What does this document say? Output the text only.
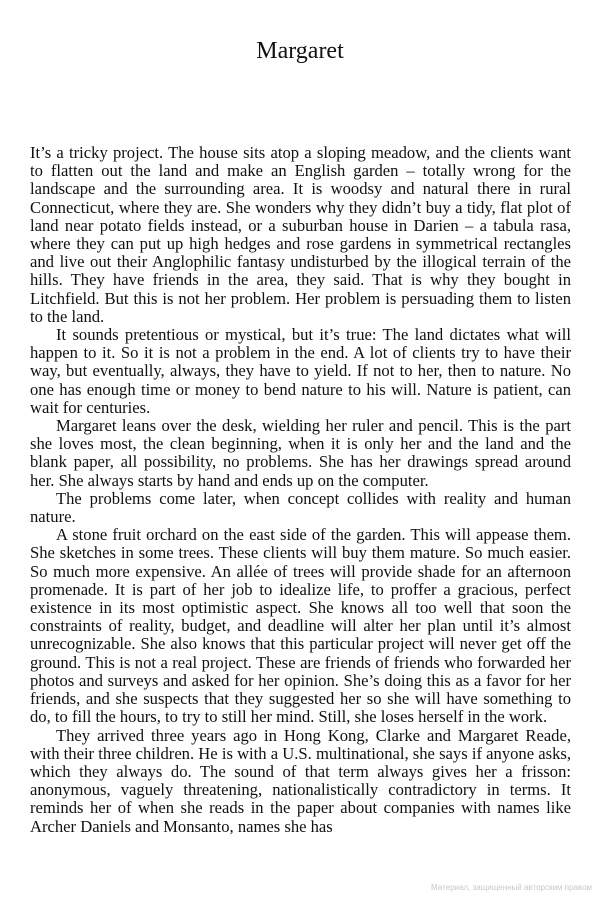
Margaret

It’s a tricky project. The house sits atop a sloping meadow, and the clients want to flatten out the land and make an English garden – totally wrong for the landscape and the surrounding area. It is woodsy and natural there in rural Connecticut, where they are. She wonders why they didn’t buy a tidy, flat plot of land near potato fields instead, or a suburban house in Darien – a tabula rasa, where they can put up high hedges and rose gardens in symmetrical rectangles and live out their Anglophilic fantasy undisturbed by the illogical terrain of the hills. They have friends in the area, they said. That is why they bought in Litchfield. But this is not her problem. Her problem is persuading them to listen to the land.

It sounds pretentious or mystical, but it’s true: The land dictates what will happen to it. So it is not a problem in the end. A lot of clients try to have their way, but eventually, always, they have to yield. If not to her, then to nature. No one has enough time or money to bend nature to his will. Nature is patient, can wait for centuries.

Margaret leans over the desk, wielding her ruler and pencil. This is the part she loves most, the clean beginning, when it is only her and the land and the blank paper, all possibility, no problems. She has her drawings spread around her. She always starts by hand and ends up on the computer.

The problems come later, when concept collides with reality and human nature.

A stone fruit orchard on the east side of the garden. This will appease them. She sketches in some trees. These clients will buy them mature. So much easier. So much more expensive. An allée of trees will provide shade for an afternoon promenade. It is part of her job to idealize life, to proffer a gracious, perfect existence in its most optimistic aspect. She knows all too well that soon the constraints of reality, budget, and deadline will alter her plan until it’s almost unrecognizable. She also knows that this particular project will never get off the ground. This is not a real project. These are friends of friends who forwarded her photos and surveys and asked for her opinion. She’s doing this as a favor for her friends, and she suspects that they suggested her so she will have something to do, to fill the hours, to try to still her mind. Still, she loses herself in the work.

They arrived three years ago in Hong Kong, Clarke and Margaret Reade, with their three children. He is with a U.S. multinational, she says if anyone asks, which they always do. The sound of that term always gives her a frisson: anonymous, vaguely threatening, nationalistically contradictory in terms. It reminds her of when she reads in the paper about companies with names like Archer Daniels and Monsanto, names she has

Материал, защищенный авторским правом
